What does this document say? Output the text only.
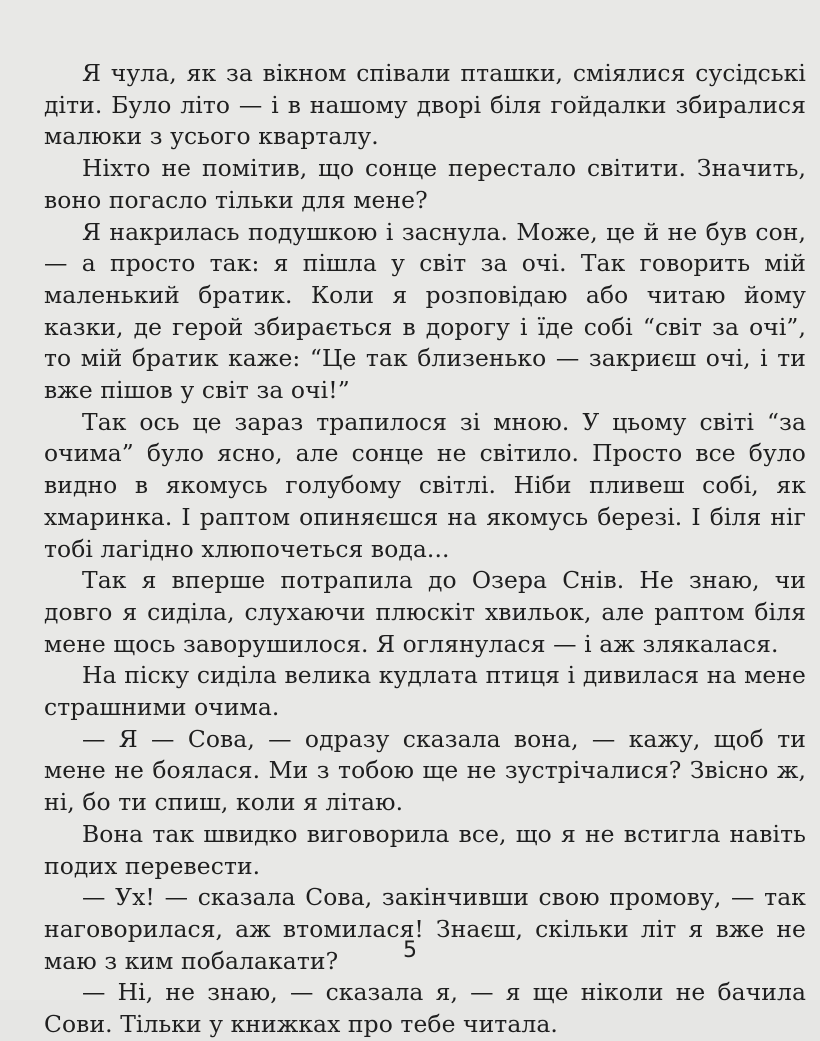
Я чула, як за вікном співали пташки, сміялися сусідські діти. Було літо — і в нашому дворі біля гойдалки збиралися малюки з усього кварталу.

Ніхто не помітив, що сонце перестало світити. Значить, воно погасло тільки для мене?

Я накрилась подушкою і заснула. Може, це й не був сон, — а просто так: я пішла у світ за очі. Так говорить мій маленький братик. Коли я розповідаю або читаю йому казки, де герой збирається в дорогу і їде собі “світ за очі”, то мій братик каже: “Це так близенько — закриєш очі, і ти вже пішов у світ за очі!”

Так ось це зараз трапилося зі мною. У цьому світі “за очима” було ясно, але сонце не світило. Просто все було видно в якомусь голубому світлі. Ніби пливеш собі, як хмаринка. І раптом опиняєшся на якомусь березі. І біля ніг тобі лагідно хлюпочеться вода...

Так я вперше потрапила до Озера Снів. Не знаю, чи довго я сиділа, слухаючи плюскіт хвильок, але раптом біля мене щось заворушилося. Я оглянулася — і аж злякалася.

На піску сиділа велика кудлата птиця і дивилася на мене страшними очима.

— Я — Сова, — одразу сказала вона, — кажу, щоб ти мене не боялася. Ми з тобою ще не зустрічалися? Звісно ж, ні, бо ти спиш, коли я літаю.

Вона так швидко виговорила все, що я не встигла навіть подих перевести.

— Ух! — сказала Сова, закінчивши свою промову, — так наговорилася, аж втомилася! Знаєш, скільки літ я вже не маю з ким побалакати?

— Ні, не знаю, — сказала я, — я ще ніколи не бачила Сови. Тільки у книжках про тебе читала.

5
